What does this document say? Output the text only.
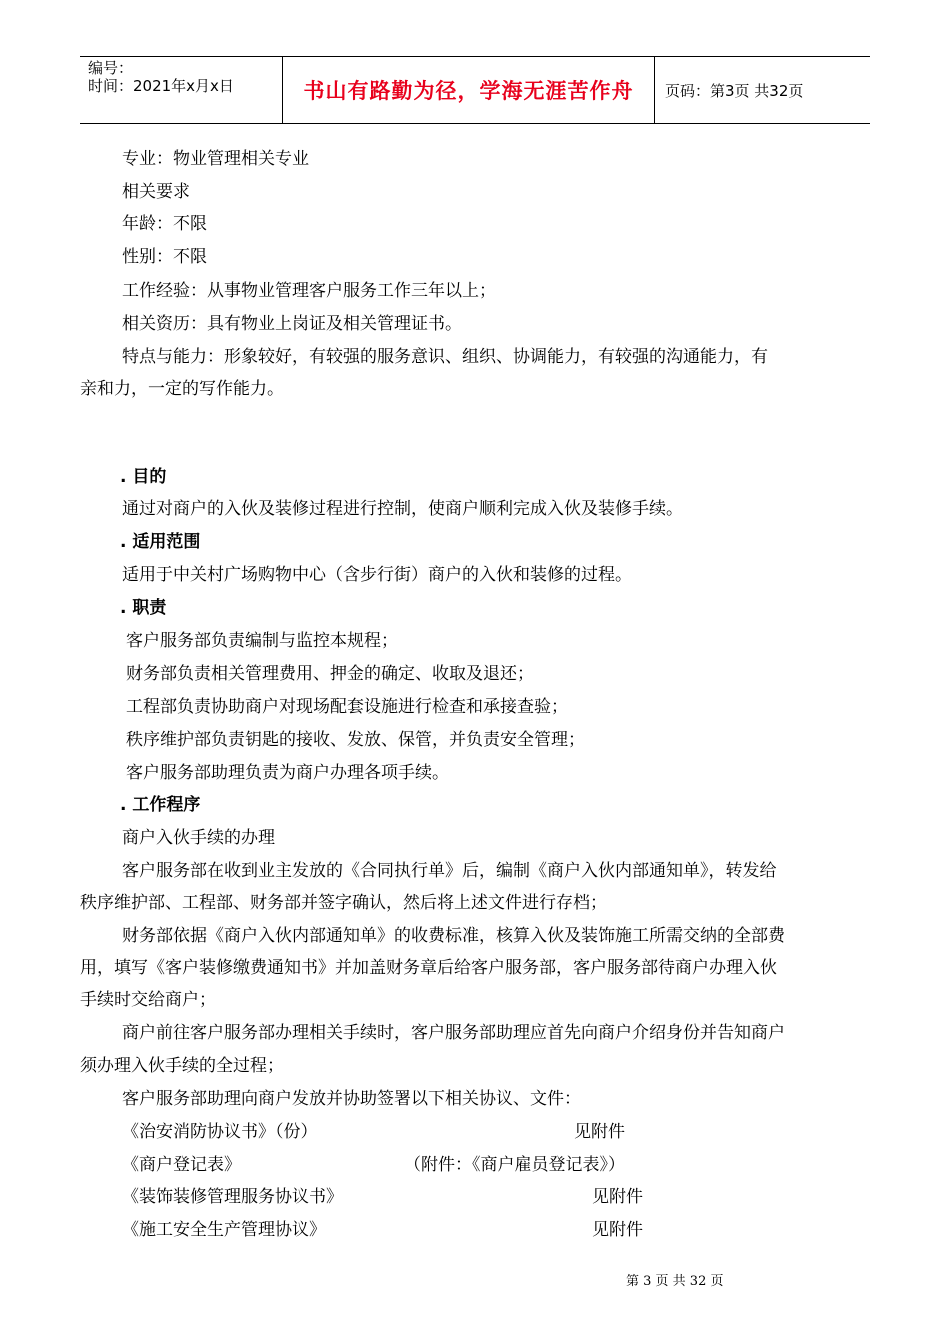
编号：
时间：2021年x月x日	书山有路勤为径，学海无涯苦作舟	页码：第3页 共32页
专业：物业管理相关专业
相关要求
年龄：不限
性别：不限
工作经验：从事物业管理客户服务工作三年以上；
相关资历：具有物业上岗证及相关管理证书。
特点与能力：形象较好，有较强的服务意识、组织、协调能力，有较强的沟通能力，有
亲和力，一定的写作能力。
. 目的
通过对商户的入伙及装修过程进行控制，使商户顺利完成入伙及装修手续。
. 适用范围
适用于中关村广场购物中心（含步行街）商户的入伙和装修的过程。
. 职责
客户服务部负责编制与监控本规程；
财务部负责相关管理费用、押金的确定、收取及退还；
工程部负责协助商户对现场配套设施进行检查和承接查验；
秩序维护部负责钥匙的接收、发放、保管，并负责安全管理；
客户服务部助理负责为商户办理各项手续。
. 工作程序
商户入伙手续的办理
客户服务部在收到业主发放的《合同执行单》后，编制《商户入伙内部通知单》，转发给
秩序维护部、工程部、财务部并签字确认，然后将上述文件进行存档；
财务部依据《商户入伙内部通知单》的收费标准，核算入伙及装饰施工所需交纳的全部费
用，填写《客户装修缴费通知书》并加盖财务章后给客户服务部，客户服务部待商户办理入伙
手续时交给商户；
商户前往客户服务部办理相关手续时，客户服务部助理应首先向商户介绍身份并告知商户
须办理入伙手续的全过程；
客户服务部助理向商户发放并协助签署以下相关协议、文件：
《治安消防协议书》（份）	见附件
《商户登记表》	（附件：《商户雇员登记表》）
《装饰装修管理服务协议书》	见附件
《施工安全生产管理协议》	见附件
第 3 页 共 32 页
